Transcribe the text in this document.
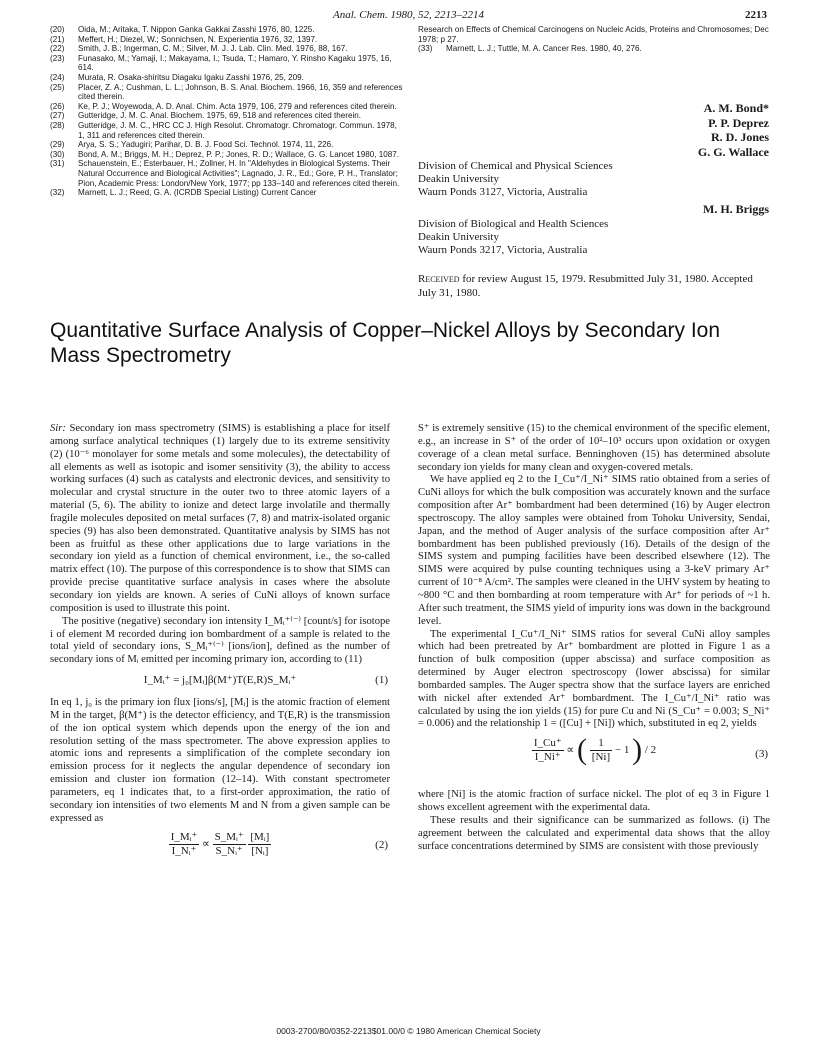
Anal. Chem. 1980, 52, 2213–2214	2213
(20) Oida, M.; Aritaka, T. Nippon Ganka Gakkai Zasshi 1976, 80, 1225.
(21) Meffert, H.; Diezel, W.; Sonnichsen, N. Experientia 1976, 32, 1397.
(22) Smith, J. B.; Ingerman, C. M.; Silver, M. J. J. Lab. Clin. Med. 1976, 88, 167.
(23) Funasako, M.; Yamaji, I.; Makayama, I.; Tsuda, T.; Hamaro, Y. Rinsho Kagaku 1975, 16, 614.
(24) Murata, R. Osaka-shiritsu Diagaku Igaku Zasshi 1976, 25, 209.
(25) Placer, Z. A.; Cushman, L. L.; Johnson, B. S. Anal. Biochem. 1966, 16, 359 and references cited therein.
(26) Ke, P. J.; Woyewoda, A. D. Anal. Chim. Acta 1979, 106, 279 and references cited therein.
(27) Gutteridge, J. M. C. Anal. Biochem. 1975, 69, 518 and references cited therein.
(28) Gutteridge, J. M. C., HRC CC J. High Resolut. Chromatogr. Chromatogr. Commun. 1978, 1, 311 and references cited therein.
(29) Arya, S. S.; Yadugiri; Parihar, D. B. J. Food Sci. Technol. 1974, 11, 226.
(30) Bond, A. M.; Briggs, M. H.; Deprez, P. P.; Jones, R. D.; Wallace, G. G. Lancet 1980, 1087.
(31) Schauenstein, E.; Esterbauer, H.; Zollner, H. In "Aldehydes in Biological Systems. Their Natural Occurrence and Biological Activities"; Lagnado, J. R., Ed.; Gore, P. H., Translator; Pion, Academic Press: London/New York, 1977; pp 133–140 and references cited therein.
(32) Marnett, L. J.; Reed, G. A. (ICRDB Special Listing) Current Cancer
Research on Effects of Chemical Carcinogens on Nucleic Acids, Proteins and Chromosomes; Dec 1978; p 27.
(33) Marnett, L. J.; Tuttle, M. A. Cancer Res. 1980, 40, 276.
A. M. Bond*
P. P. Deprez
R. D. Jones
G. G. Wallace
Division of Chemical and Physical Sciences
Deakin University
Waurn Ponds 3127, Victoria, Australia
M. H. Briggs
Division of Biological and Health Sciences
Deakin University
Waurn Ponds 3217, Victoria, Australia
Received for review August 15, 1979. Resubmitted July 31, 1980. Accepted July 31, 1980.
Quantitative Surface Analysis of Copper–Nickel Alloys by Secondary Ion Mass Spectrometry

Sir: Secondary ion mass spectrometry (SIMS) is establishing a place for itself among surface analytical techniques (1) largely due to its extreme sensitivity (2) (10⁻⁶ monolayer for some metals and some molecules), the detectability of all elements as well as isotopic and isomer sensitivity (3), the ability to access working surfaces (4) such as catalysts and electronic devices, and sensitivity to molecular and crystal structure in the outer two to three atomic layers of a material (5, 6). The ability to ionize and detect large involatile and thermally fragile molecules deposited on metal surfaces (7, 8) and matrix-isolated organic species (9) has also been demonstrated. Quantitative analysis by SIMS has not been as fruitful as these other applications due to large variations in the secondary ion yield as a function of chemical environment, i.e., the so-called matrix effect (10). The purpose of this correspondence is to show that SIMS can provide precise quantitative surface analysis in cases where the absolute secondary ion yields are known. A series of CuNi alloys of known surface composition is used to illustrate this point.

The positive (negative) secondary ion intensity I_Mᵢ⁺⁽⁻⁾ [count/s] for isotope i of element M recorded during ion bombardment of a sample is related to the total yield of secondary ions, S_Mᵢ⁺⁽⁻⁾ [ions/ion], defined as the number of secondary ions of Mᵢ emitted per incoming primary ion, according to (11)

I_Mᵢ⁺ = j₀[Mᵢ]β(M⁺)T(E,R)S_Mᵢ⁺	(1)

In eq 1, j₀ is the primary ion flux [ions/s], [Mᵢ] is the atomic fraction of element M in the target, β(M⁺) is the detector efficiency, and T(E,R) is the transmission of the ion optical system which depends upon the energy of the ion and resolution setting of the mass spectrometer. The above expression applies to atomic ions and represents a simplification of the complete secondary ion emission process for it neglects the angular dependence of secondary ion emission and cluster ion formation (12–14). With constant spectrometer parameters, eq 1 indicates that, to a first-order approximation, the ratio of secondary ion intensities of two elements M and N from a given sample can be expressed as

$\frac{\text{I\_Mᵢ⁺}}{\text{I\_Nᵢ⁺}} \propto \frac{\text{S\_Mᵢ⁺}}{\text{S\_Nᵢ⁺}}$
$\frac{\text{[Mᵢ]}}{\text{[Nᵢ]}}$	(2)

S⁺ is extremely sensitive (15) to the chemical environment of the specific element, e.g., an increase in S⁺ of the order of 10²–10³ occurs upon oxidation or oxygen coverage of a clean metal surface. Benninghoven (15) has determined absolute secondary ion yields for many clean and oxygen-covered metals.

We have applied eq 2 to the I_Cu⁺/I_Ni⁺ SIMS ratio obtained from a series of CuNi alloys for which the bulk composition was accurately known and the surface composition after Ar⁺ bombardment had been determined (16) by Auger electron spectroscopy. The alloy samples were obtained from Tohoku University, Sendai, Japan, and the method of Auger analysis of the surface composition after Ar⁺ bombardment has been published previously (16). Details of the design of the SIMS system and pumping facilities have been described elsewhere (12). The SIMS were acquired by pulse counting techniques using a 3-keV primary Ar⁺ current of 10⁻⁸ A/cm². The samples were cleaned in the UHV system by heating to ~800 °C and then bombarding at room temperature with Ar⁺ for periods of ~1 h. After such treatment, the SIMS yield of impurity ions was down in the background level.

The experimental I_Cu⁺/I_Ni⁺ SIMS ratios for several CuNi alloy samples which had been pretreated by Ar⁺ bombardment are plotted in Figure 1 as a function of bulk composition (upper abscissa) and surface composition as determined by Auger electron spectroscopy (lower abscissa) for similar bombarded samples. The Auger spectra show that the surface layers are enriched with nickel after extended Ar⁺ bombardment. The I_Cu⁺/I_Ni⁺ ratio was calculated by using the ion yields (15) for pure Cu and Ni (S_Cu⁺ = 0.003; S_Ni⁺ = 0.006) and the relationship 1 = ([Cu] + [Ni]) which, substituted in eq 2, yields

$\frac{I\_Cu^+}{I\_Ni^+}$ ∝ ( $\frac{1}{[Ni]} - 1$ ) / 2	(3)

where [Ni] is the atomic fraction of surface nickel. The plot of eq 3 in Figure 1 shows excellent agreement with the experimental data.

These results and their significance can be summarized as follows. (i) The agreement between the calculated and experimental data shows that the alloy surface concentrations determined by SIMS are consistent with those previously

0003-2700/80/0352-2213$01.00/0 © 1980 American Chemical Society
